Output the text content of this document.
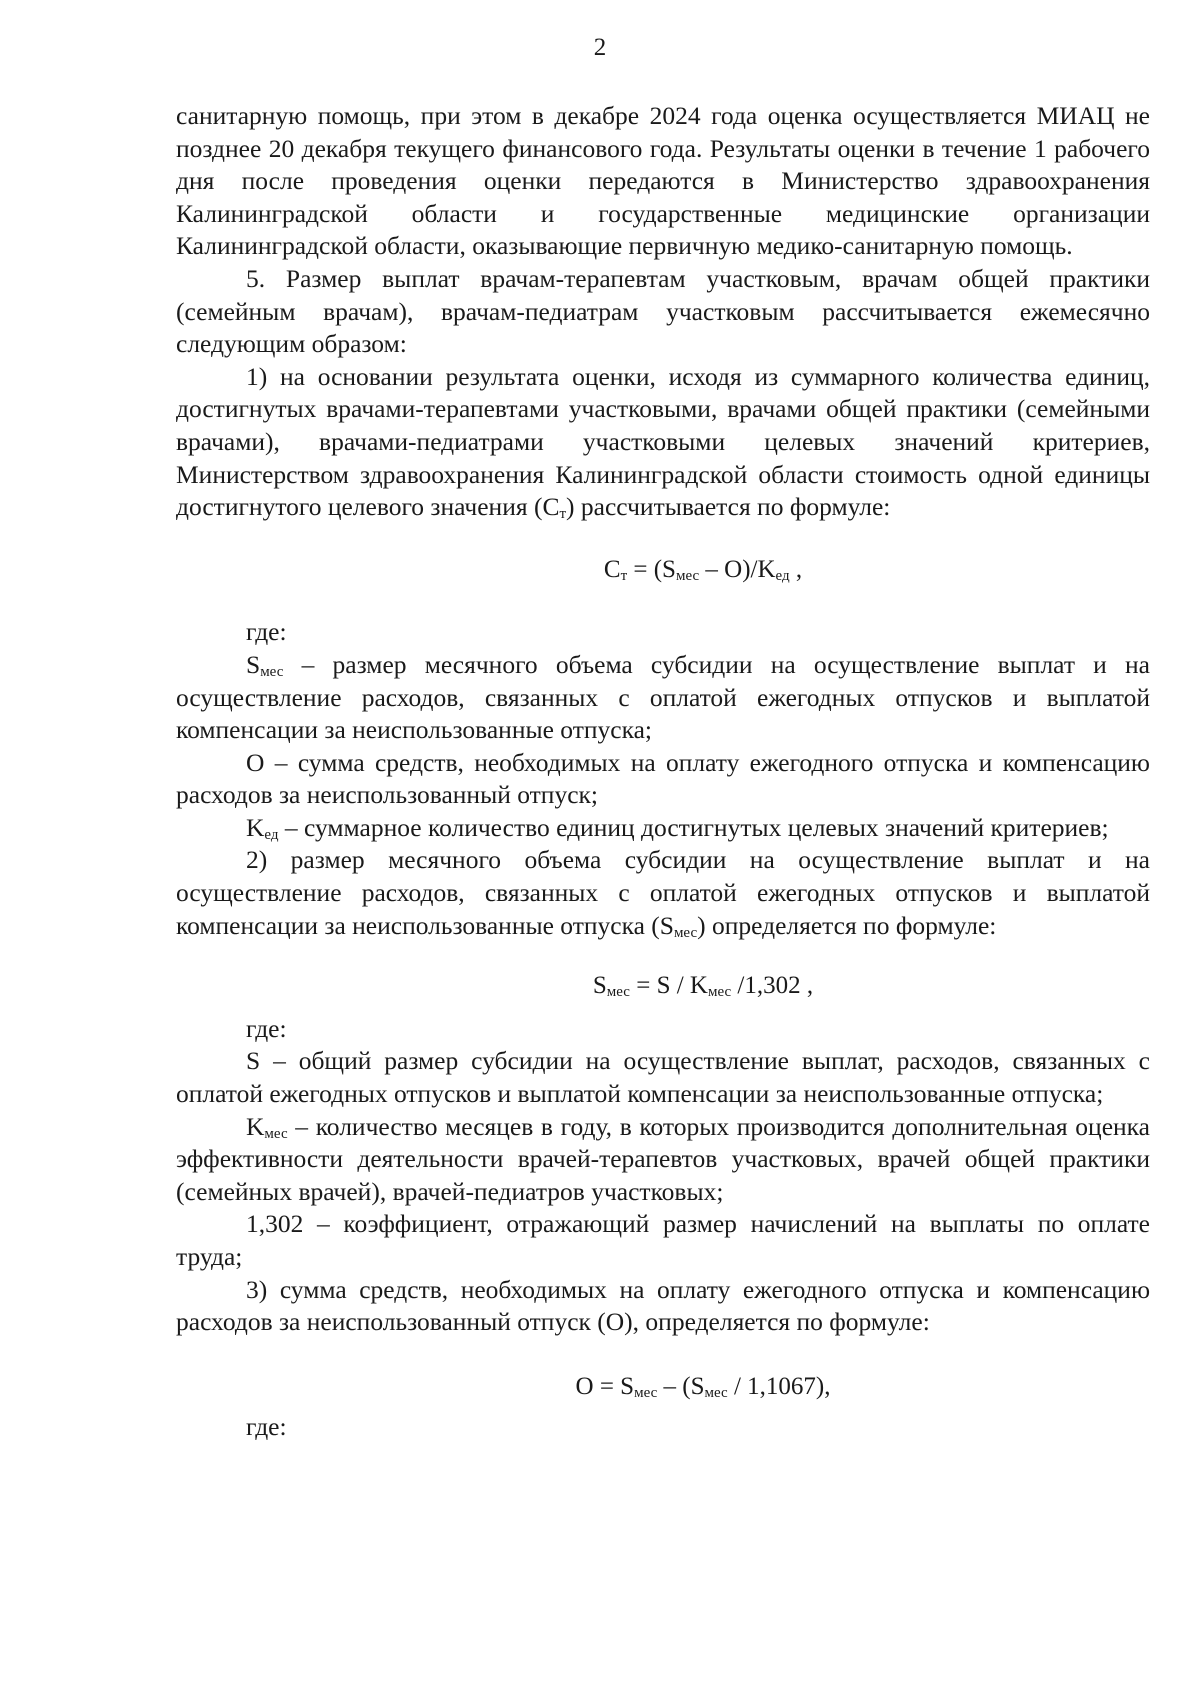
2

санитарную помощь, при этом в декабре 2024 года оценка осуществляется МИАЦ не позднее 20 декабря текущего финансового года. Результаты оценки в течение 1 рабочего дня после проведения оценки передаются в Министерство здравоохранения Калининградской области и государственные медицинские организации Калининградской области, оказывающие первичную медико-санитарную помощь.

5. Размер выплат врачам-терапевтам участковым, врачам общей практики (семейным врачам), врачам-педиатрам участковым рассчитывается ежемесячно следующим образом:

1) на основании результата оценки, исходя из суммарного количества единиц, достигнутых врачами-терапевтами участковыми, врачами общей практики (семейными врачами), врачами-педиатрами участковыми целевых значений критериев, Министерством здравоохранения Калининградской области стоимость одной единицы достигнутого целевого значения $(С_т)$ рассчитывается по формуле:

$С_т = (S_{мес} - O)/K_{ед}$ ,

где:

$S_{мес}$ – размер месячного объема субсидии на осуществление выплат и на осуществление расходов, связанных с оплатой ежегодных отпусков и выплатой компенсации за неиспользованные отпуска;

O – сумма средств, необходимых на оплату ежегодного отпуска и компенсацию расходов за неиспользованный отпуск;

$K_{ед}$ – суммарное количество единиц достигнутых целевых значений критериев;

2) размер месячного объема субсидии на осуществление выплат и на осуществление расходов, связанных с оплатой ежегодных отпусков и выплатой компенсации за неиспользованные отпуска $(S_{мес})$ определяется по формуле:

$S_{мес} = S / K_{мес}$ /1,302 ,

где:

S – общий размер субсидии на осуществление выплат, расходов, связанных с оплатой ежегодных отпусков и выплатой компенсации за неиспользованные отпуска;

$K_{мес}$ – количество месяцев в году, в которых производится дополнительная оценка эффективности деятельности врачей-терапевтов участковых, врачей общей практики (семейных врачей), врачей-педиатров участковых;

1,302 – коэффициент, отражающий размер начислений на выплаты по оплате труда;

3) сумма средств, необходимых на оплату ежегодного отпуска и компенсацию расходов за неиспользованный отпуск (O), определяется по формуле:

$O = S_{мес} - (S_{мес} / 1,1067)$,

где:
